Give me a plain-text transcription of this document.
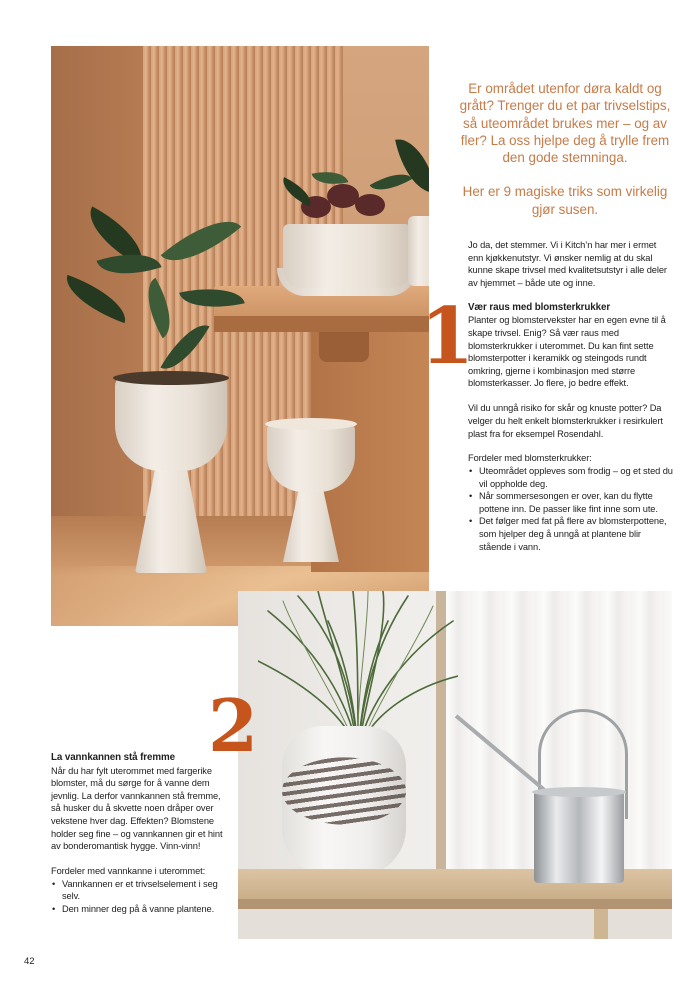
1
2

Er området utenfor døra kaldt og grått? Trenger du et par trivselstips, så uteområdet brukes mer – og av fler? La oss hjelpe deg å trylle frem den gode stemninga.

Her er 9 magiske triks som virkelig gjør susen.

Jo da, det stemmer. Vi i Kitch’n har mer i ermet enn kjøkkenutstyr. Vi ønsker nemlig at du skal kunne skape trivsel med kvalitetsutstyr i alle deler av hjemmet – både ute og inne.

Vær raus med blomsterkrukker

Planter og blomstervekster har en egen evne til å skape trivsel. Enig? Så vær raus med blomsterkrukker i uterommet. Du kan fint sette blomsterpotter i keramikk og steingods rundt omkring, gjerne i kombinasjon med større blomsterkasser. Jo flere, jo bedre effekt.

Vil du unngå risiko for skår og knuste potter? Da velger du helt enkelt blomsterkrukker i resirkulert plast fra for eksempel Rosendahl.

Fordeler med blomsterkrukker:
• Uteområdet oppleves som frodig – og et sted du vil oppholde deg.
• Når sommersesongen er over, kan du flytte pottene inn. De passer like fint inne som ute.
• Det følger med fat på flere av blomsterpottene, som hjelper deg å unngå at plantene blir stående i vann.
La vannkannen stå fremme

Når du har fylt uterommet med fargerike blomster, må du sørge for å vanne dem jevnlig. La derfor vannkannen stå fremme, så husker du å skvette noen dråper over vekstene hver dag. Effekten? Blomstene holder seg fine – og vannkannen gir et hint av bonderomantisk hygge. Vinn-vinn!

Fordeler med vannkanne i uterommet:
• Vannkannen er et trivselselement i seg selv.
• Den minner deg på å vanne plantene.
42
